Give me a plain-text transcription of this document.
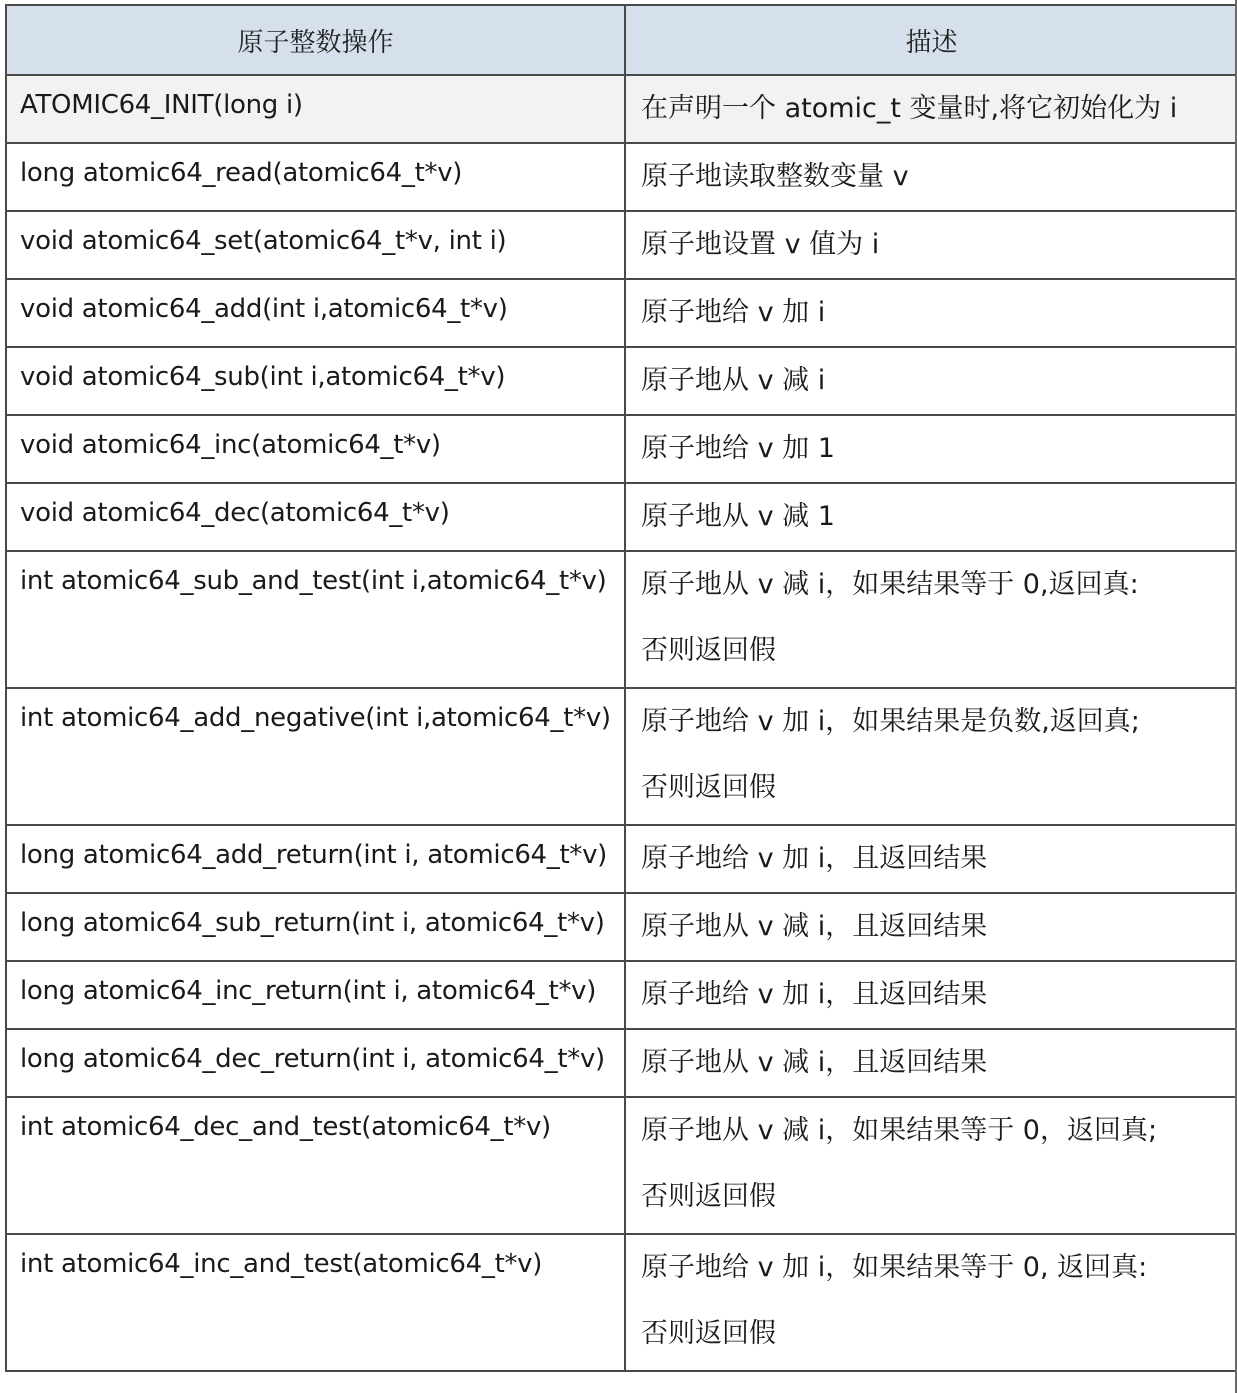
原子整数操作	描述
ATOMIC64_INIT(long i)	在声明一个 atomic_t 变量时,将它初始化为 i

long atomic64_read(atomic64_t*v)	原子地读取整数变量 v

void atomic64_set(atomic64_t*v, int i)	原子地设置 v 值为 i

void atomic64_add(int i,atomic64_t*v)	原子地给 v 加 i

void atomic64_sub(int i,atomic64_t*v)	原子地从 v 减 i

void atomic64_inc(atomic64_t*v)	原子地给 v 加 1

void atomic64_dec(atomic64_t*v)	原子地从 v 减 1

int atomic64_sub_and_test(int i,atomic64_t*v)	原子地从 v 减 i，如果结果等于 0,返回真:
否则返回假

int atomic64_add_negative(int i,atomic64_t*v)	原子地给 v 加 i，如果结果是负数,返回真;
否则返回假

long atomic64_add_return(int i, atomic64_t*v)	原子地给 v 加 i，且返回结果

long atomic64_sub_return(int i, atomic64_t*v)	原子地从 v 减 i，且返回结果

long atomic64_inc_return(int i, atomic64_t*v)	原子地给 v 加 i，且返回结果

long atomic64_dec_return(int i, atomic64_t*v)	原子地从 v 减 i，且返回结果

int atomic64_dec_and_test(atomic64_t*v)	原子地从 v 减 i，如果结果等于 0，返回真;
否则返回假

int atomic64_inc_and_test(atomic64_t*v)	原子地给 v 加 i，如果结果等于 0, 返回真:
否则返回假
